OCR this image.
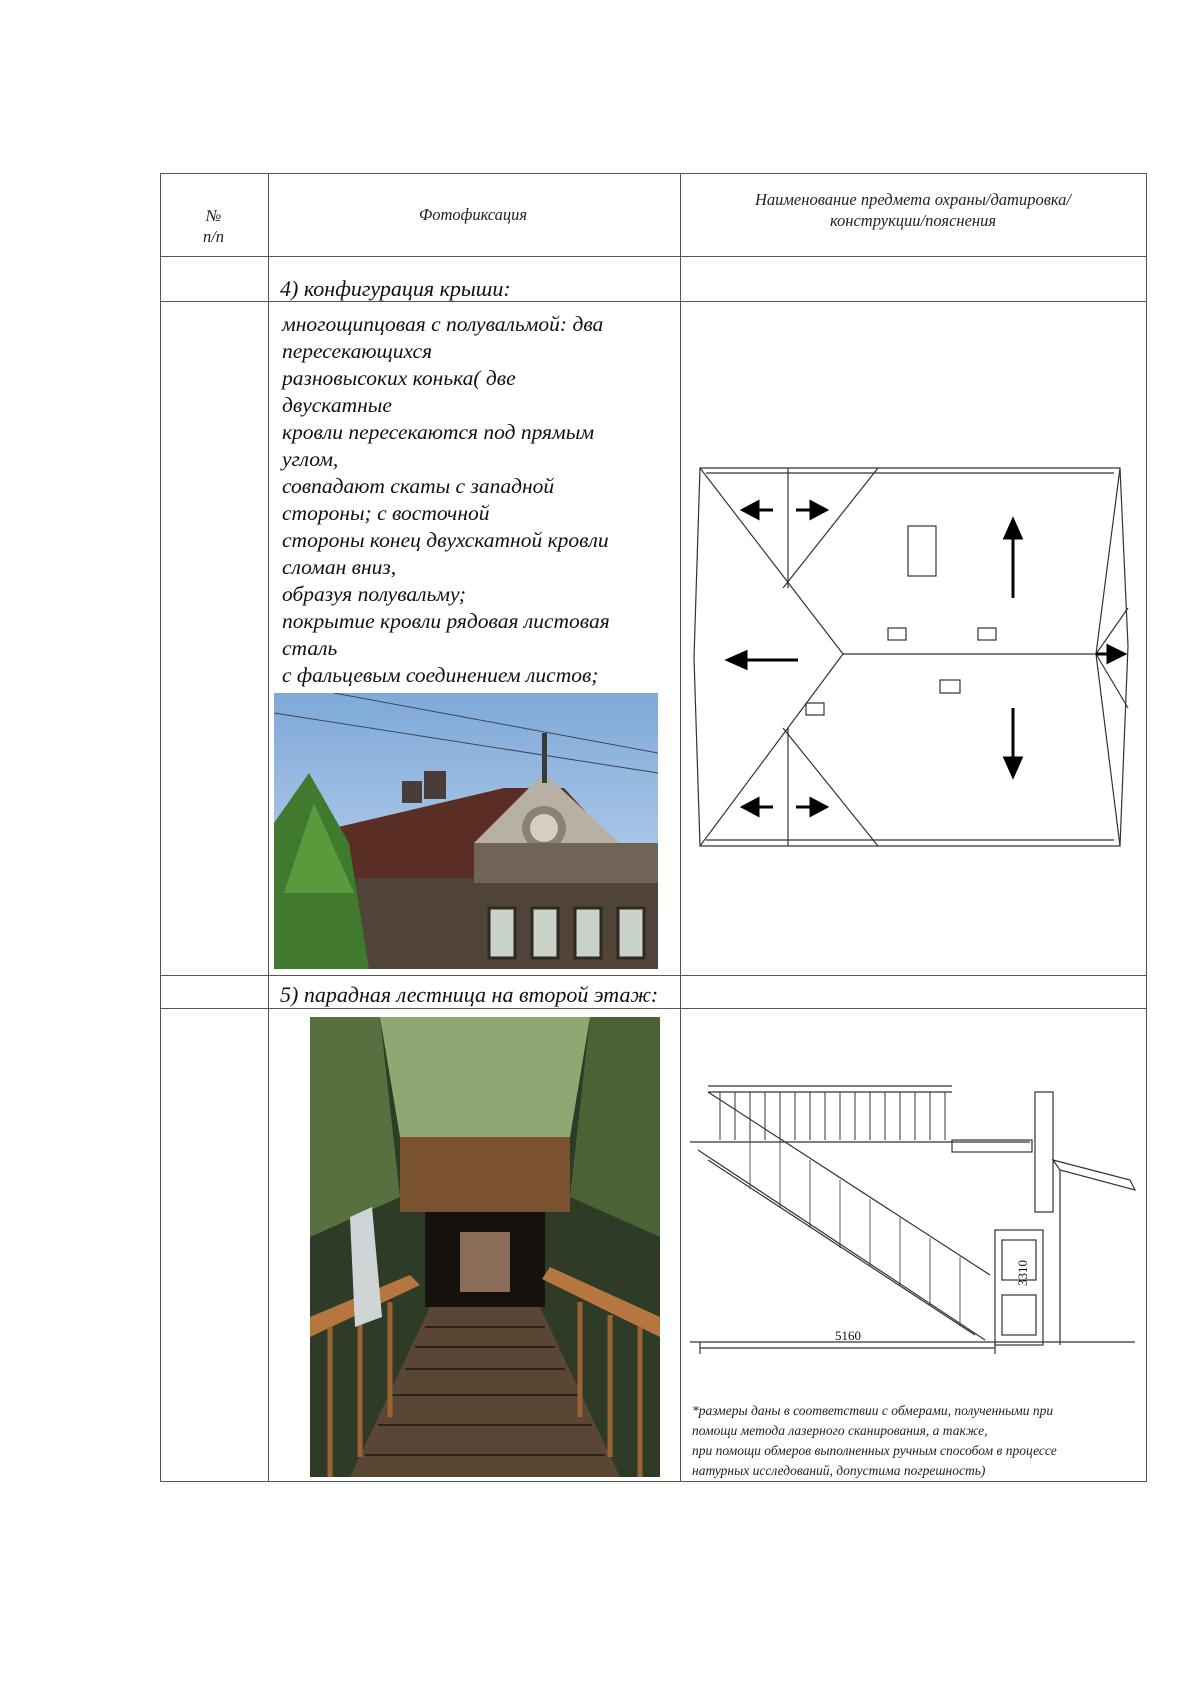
№
п/п
Фотофиксация
Наименование предмета охраны/датировка/
конструкции/пояснения
4) конфигурация крыши:
многощипцовая с полувальмой: два
пересекающихся
разновысоких конька( две
двускатные
кровли пересекаются под прямым
углом,
совпадают скаты с западной
стороны; с восточной
стороны конец двухскатной кровли
сломан вниз,
образуя полувальму;
покрытие кровли рядовая листовая
сталь
с фальцевым соединением листов;
5) парадная лестница на второй этаж:
5160
3310
*размеры даны в соответствии с обмерами, полученными при
помощи метода лазерного сканирования, а также,
при помощи обмеров выполненных ручным способом в процессе
натурных исследований, допустима погрешность)
